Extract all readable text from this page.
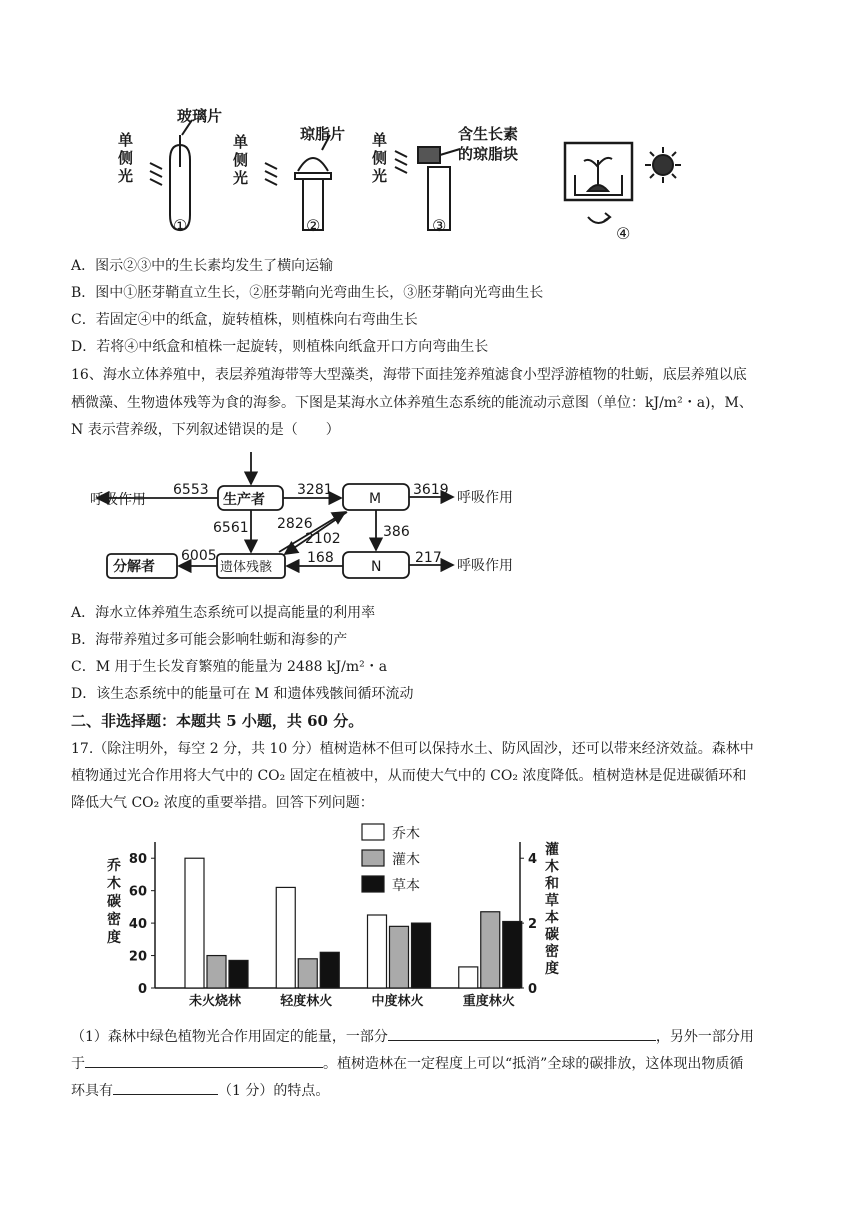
单
侧
光
单
侧
光
单
侧
光
玻璃片
琼脂片	含生长素
的琼脂块
①	②	③	④
A．图示②③中的生长素均发生了横向运输
B．图中①胚芽鞘直立生长，②胚芽鞘向光弯曲生长，③胚芽鞘向光弯曲生长
C．若固定④中的纸盒，旋转植株，则植株向右弯曲生长
D．若将④中纸盒和植株一起旋转，则植株向纸盒开口方向弯曲生长
16、海水立体养殖中，表层养殖海带等大型藻类，海带下面挂笼养殖滤食小型浮游植物的牡蛎，底层养殖以底
栖微藻、生物遗体残等为食的海参。下图是某海水立体养殖生态系统的能流动示意图（单位：kJ/m²・a)，M、
N 表示营养级，下列叙述错误的是（　　）
生产者	M
N
遗体残骸
分解者
呼吸作用	呼吸作用
呼吸作用
6553	3281	3619
6561 2826
2102	386
168	217
6005
A．海水立体养殖生态系统可以提高能量的利用率
B．海带养殖过多可能会影响牡蛎和海参的产
C．M 用于生长发育繁殖的能量为 2488 kJ/m²・a
D．该生态系统中的能量可在 M 和遗体残骸间循环流动
二、非选择题：本题共 5 小题，共 60 分。
17.（除注明外，每空 2 分，共 10 分）植树造林不但可以保持水土、防风固沙，还可以带来经济效益。森林中
植物通过光合作用将大气中的 CO₂ 固定在植被中，从而使大气中的 CO₂ 浓度降低。植树造林是促进碳循环和
降低大气 CO₂ 浓度的重要举措。回答下列问题：
0
20
40
60
80
0
2
4
乔
木
碳
密
度
灌
木
和
草
本
碳
密
度
未火烧林	轻度林火	中度林火	重度林火
乔木
灌木
草本
（1）森林中绿色植物光合作用固定的能量，一部分	，另外一部分用
于	。植树造林在一定程度上可以“抵消”全球的碳排放，这体现出物质循
环具有	（1 分）的特点。
